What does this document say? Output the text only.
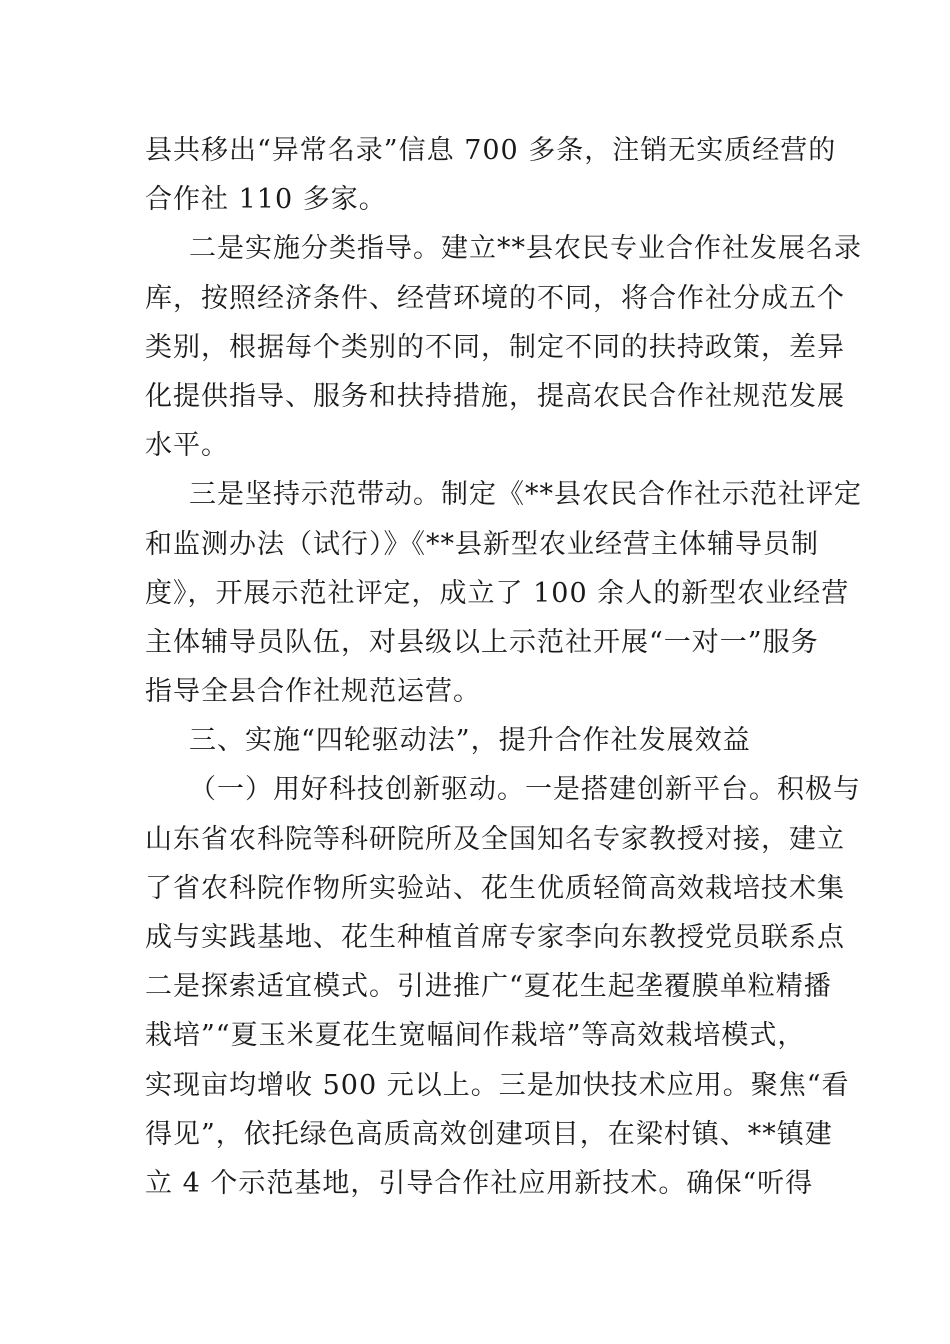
县共移出“异常名录”信息 700 多条，注销无实质经营的
合作社 110 多家。
二是实施分类指导。建立**县农民专业合作社发展名录
库，按照经济条件、经营环境的不同，将合作社分成五个
类别，根据每个类别的不同，制定不同的扶持政策，差异
化提供指导、服务和扶持措施，提高农民合作社规范发展
水平。
三是坚持示范带动。制定《**县农民合作社示范社评定
和监测办法（试行）》《**县新型农业经营主体辅导员制
度》，开展示范社评定，成立了 100 余人的新型农业经营
主体辅导员队伍，对县级以上示范社开展“一对一”服务
指导全县合作社规范运营。
三、实施“四轮驱动法”，提升合作社发展效益
（一）用好科技创新驱动。一是搭建创新平台。积极与
山东省农科院等科研院所及全国知名专家教授对接，建立
了省农科院作物所实验站、花生优质轻简高效栽培技术集
成与实践基地、花生种植首席专家李向东教授党员联系点
二是探索适宜模式。引进推广“夏花生起垄覆膜单粒精播
栽培”“夏玉米夏花生宽幅间作栽培”等高效栽培模式，
实现亩均增收 500 元以上。三是加快技术应用。聚焦“看
得见”，依托绿色高质高效创建项目，在梁村镇、**镇建
立 4 个示范基地，引导合作社应用新技术。确保“听得
